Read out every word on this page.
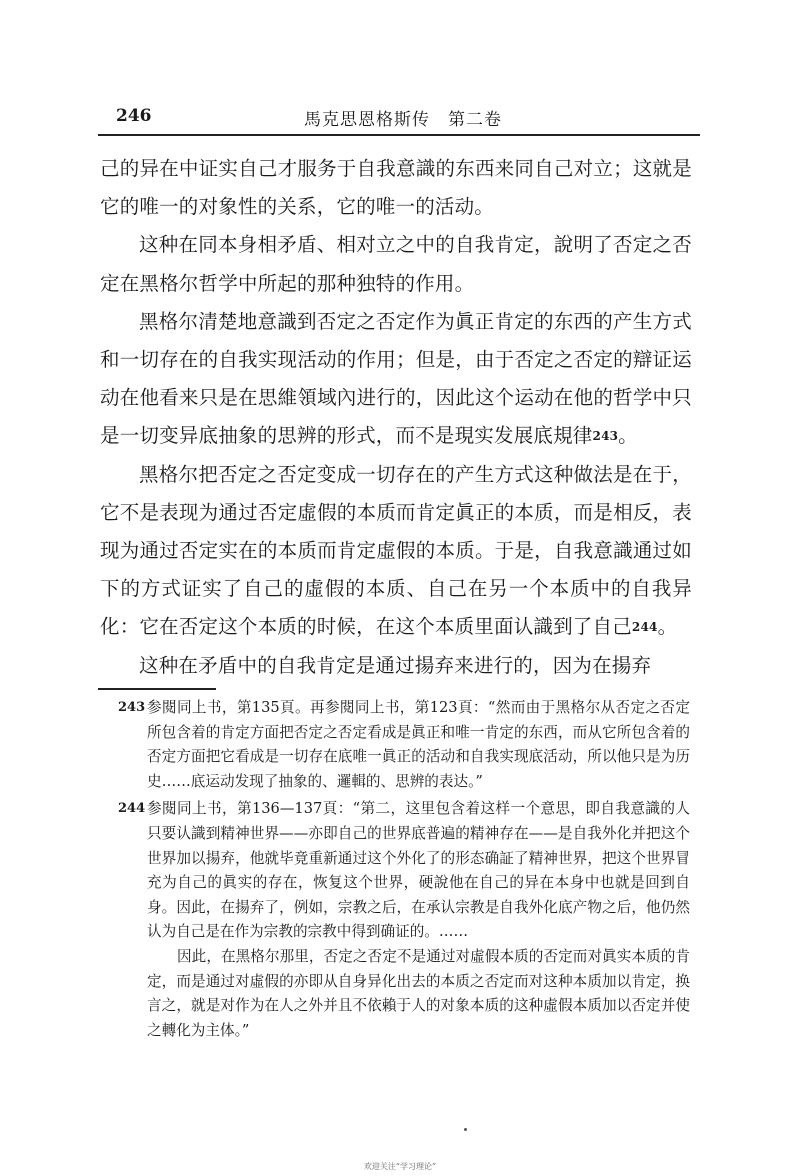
246	馬克思恩格斯传　第二卷

己的异在中证实自己才服务于自我意識的东西来同自己对立；这就是它的唯一的对象性的关系，它的唯一的活动。

这种在同本身相矛盾、相对立之中的自我肯定，說明了否定之否定在黑格尔哲学中所起的那种独特的作用。

黑格尔清楚地意識到否定之否定作为眞正肯定的东西的产生方式和一切存在的自我实现活动的作用；但是，由于否定之否定的辯证运动在他看来只是在思維領域內进行的，因此这个运动在他的哲学中只是一切变异底抽象的思辨的形式，而不是現实发展底規律$^{243}$。

黑格尔把否定之否定变成一切存在的产生方式这种做法是在于，它不是表现为通过否定虛假的本质而肯定眞正的本质，而是相反，表现为通过否定实在的本质而肯定虛假的本质。于是，自我意識通过如下的方式证实了自己的虛假的本质、自己在另一个本质中的自我异化：它在否定这个本质的时候，在这个本质里面认識到了自己$^{244}$。

这种在矛盾中的自我肯定是通过揚弃来进行的，因为在揚弃

243 参閱同上书，第135頁。再参閱同上书，第123頁：“然而由于黑格尔从否定之否定所包含着的肯定方面把否定之否定看成是眞正和唯一肯定的东西，而从它所包含着的否定方面把它看成是一切存在底唯一眞正的活动和自我实现底活动，所以他只是为历史……底运动发现了抽象的、邏輯的、思辨的表达。”

244 参閱同上书，第136—137頁：“第二，这里包含着这样一个意思，即自我意識的人只要认識到精神世界——亦即自己的世界底普遍的精神存在——是自我外化并把这个世界加以揚弃，他就毕竟重新通过这个外化了的形态确証了精神世界，把这个世界冒充为自己的眞实的存在，恢复这个世界，硬說他在自己的异在本身中也就是回到自身。因此，在揚弃了，例如，宗教之后，在承认宗教是自我外化底产物之后，他仍然认为自己是在作为宗教的宗教中得到确证的。……

因此，在黑格尔那里，否定之否定不是通过对虛假本质的否定而对眞实本质的肯定，而是通过对虛假的亦即从自身异化出去的本质之否定而对这种本质加以肯定，换言之，就是对作为在人之外并且不依賴于人的对象本质的这种虛假本质加以否定并使之轉化为主体。”

欢迎关注“学习理论”
